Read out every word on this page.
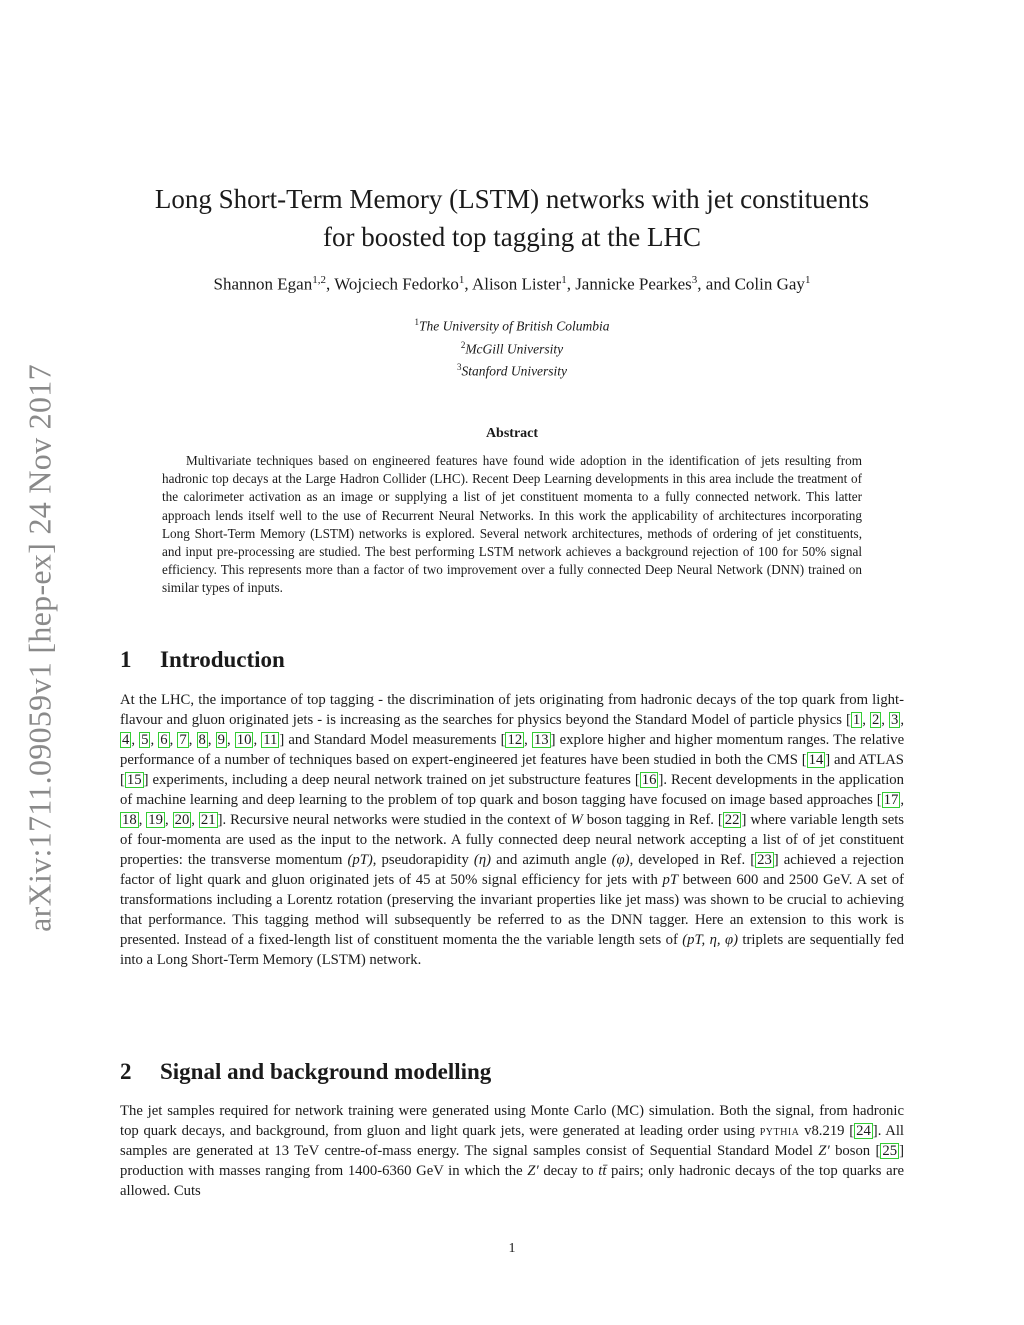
arXiv:1711.09059v1 [hep-ex] 24 Nov 2017
Long Short-Term Memory (LSTM) networks with jet constituents
for boosted top tagging at the LHC
Shannon Egan$^{1,2}$, Wojciech Fedorko$^1$, Alison Lister$^1$, Jannicke Pearkes$^3$, and Colin Gay$^1$
$^1$The University of British Columbia
$^2$McGill University
$^3$Stanford University
Abstract
Multivariate techniques based on engineered features have found wide adoption in the identification of jets resulting from hadronic top decays at the Large Hadron Collider (LHC). Recent Deep Learning developments in this area include the treatment of the calorimeter activation as an image or supplying a list of jet constituent momenta to a fully connected network. This latter approach lends itself well to the use of Recurrent Neural Networks. In this work the applicability of architectures incorporating Long Short-Term Memory (LSTM) networks is explored. Several network architectures, methods of ordering of jet constituents, and input pre-processing are studied. The best performing LSTM network achieves a background rejection of 100 for 50% signal efficiency. This represents more than a factor of two improvement over a fully connected Deep Neural Network (DNN) trained on similar types of inputs.
1 Introduction
At the LHC, the importance of top tagging - the discrimination of jets originating from hadronic decays of the top quark from light-flavour and gluon originated jets - is increasing as the searches for physics beyond the Standard Model of particle physics [ 1 , 2 , 3 , 4 , 5 , 6 , 7 , 8 , 9 , 10 , 11 ] and Standard Model measurements [ 12 , 13 ] explore higher and higher momentum ranges. The relative performance of a number of techniques based on expert-engineered jet features have been studied in both the CMS [ 14 ] and ATLAS [ 15 ] experiments, including a deep neural network trained on jet substructure features [ 16 ]. Recent developments in the application of machine learning and deep learning to the problem of top quark and boson tagging have focused on image based approaches [ 17 , 18 , 19 , 20 , 21 ]. Recursive neural networks were studied in the context of W boson tagging in Ref. [ 22 ] where variable length sets of four-momenta are used as the input to the network. A fully connected deep neural network accepting a list of of jet constituent properties: the transverse momentum (pT), pseudorapidity (η) and azimuth angle (φ), developed in Ref. [ 23 ] achieved a rejection factor of light quark and gluon originated jets of 45 at 50% signal efficiency for jets with pT between 600 and 2500 GeV. A set of transformations including a Lorentz rotation (preserving the invariant properties like jet mass) was shown to be crucial to achieving that performance. This tagging method will subsequently be referred to as the DNN tagger. Here an extension to this work is presented. Instead of a fixed-length list of constituent momenta the the variable length sets of (pT, η, φ) triplets are sequentially fed into a Long Short-Term Memory (LSTM) network.
2 Signal and background modelling
The jet samples required for network training were generated using Monte Carlo (MC) simulation. Both the signal, from hadronic top quark decays, and background, from gluon and light quark jets, were generated at leading order using pythia v8.219 [ 24 ]. All samples are generated at 13 TeV centre-of-mass energy. The signal samples consist of Sequential Standard Model Z′ boson [ 25 ] production with masses ranging from 1400-6360 GeV in which the Z′ decay to tt̄ pairs; only hadronic decays of the top quarks are allowed. Cuts
1
